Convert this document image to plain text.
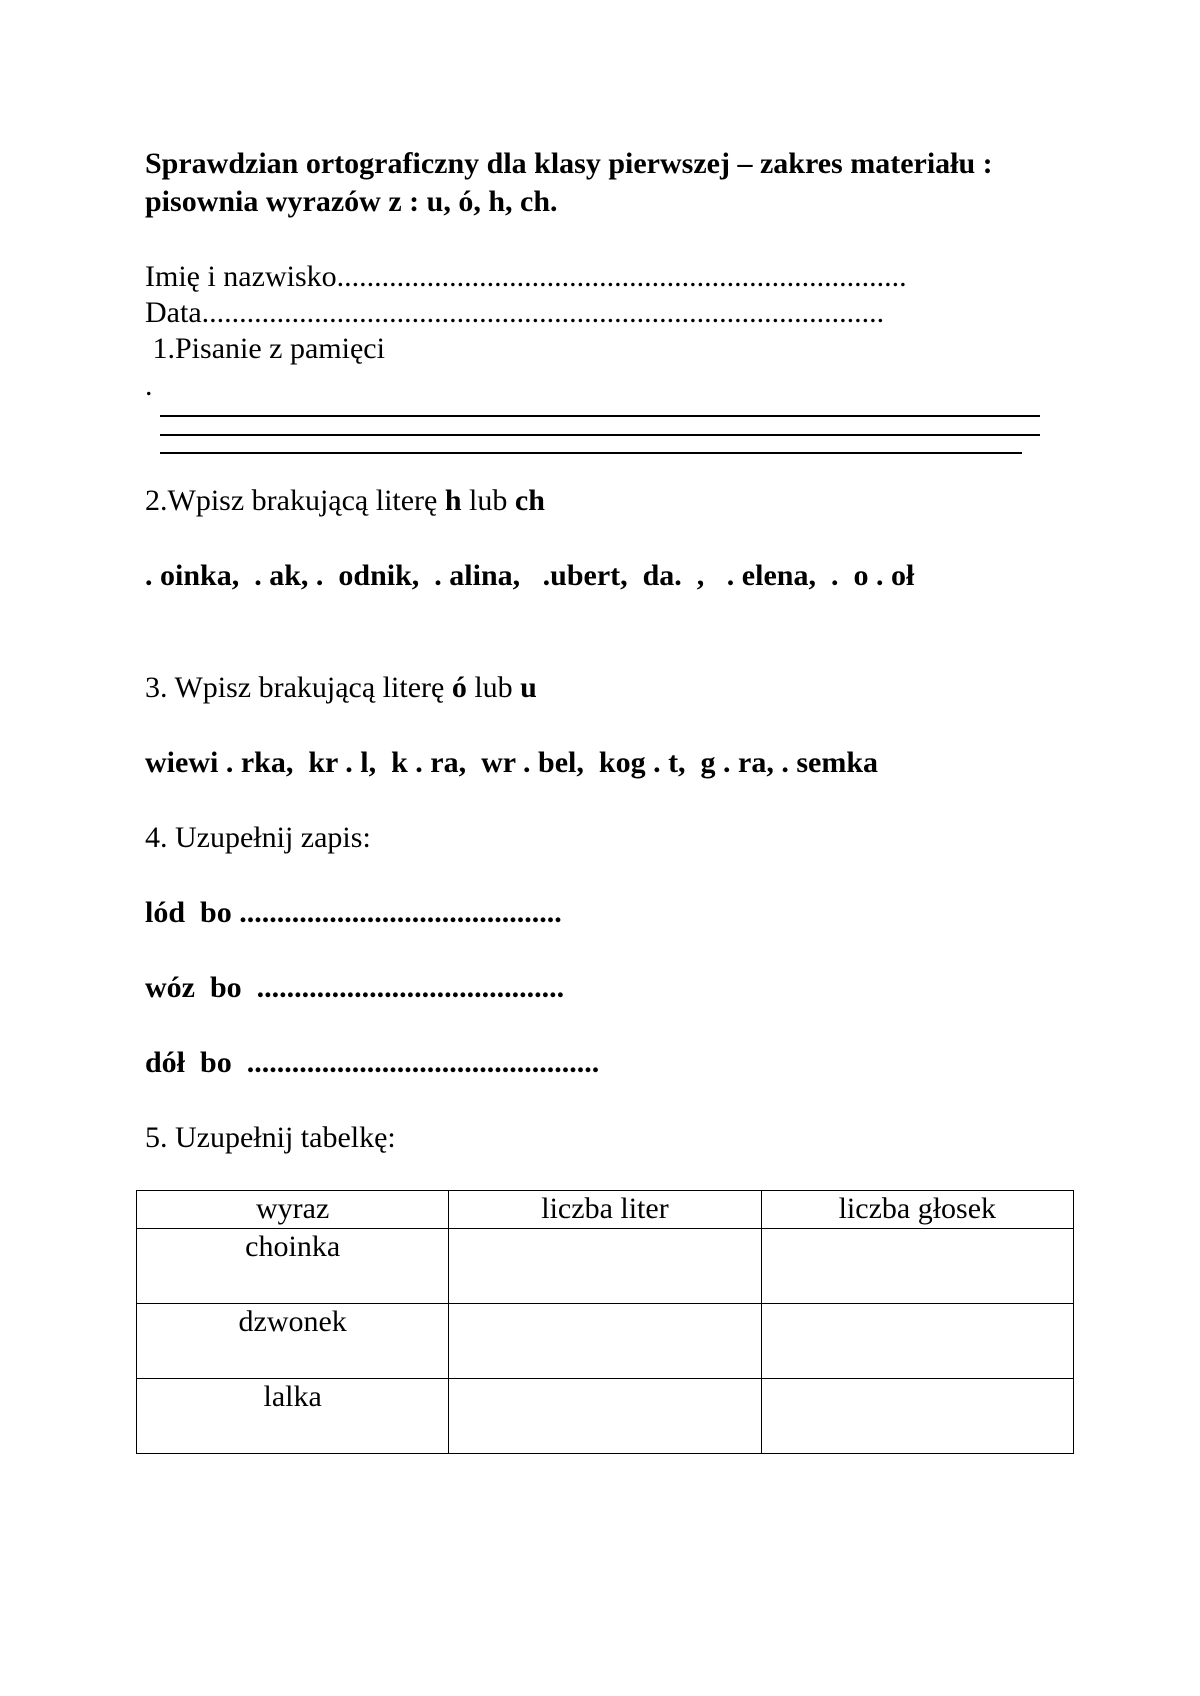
Sprawdzian ortograficzny dla klasy pierwszej – zakres materiału :
pisownia wyrazów z : u, ó, h, ch.
Imię i nazwisko............................................................................
Data...........................................................................................
1.Pisanie z pamięci
.
2.Wpisz brakującą literę h lub ch
. oinka,  . ak, .  odnik,  . alina,   .ubert,  da.  ,   . elena,  .  o . oł
3. Wpisz brakującą literę ó lub u
wiewi . rka,  kr . l,  k . ra,  wr . bel,  kog . t,  g . ra, . semka
4. Uzupełnij zapis:
lód  bo ...........................................
wóz  bo  .........................................
dół  bo  ...............................................
5. Uzupełnij tabelkę:
wyraz	liczba liter	liczba głosek
choinka		
dzwonek		
lalka		
